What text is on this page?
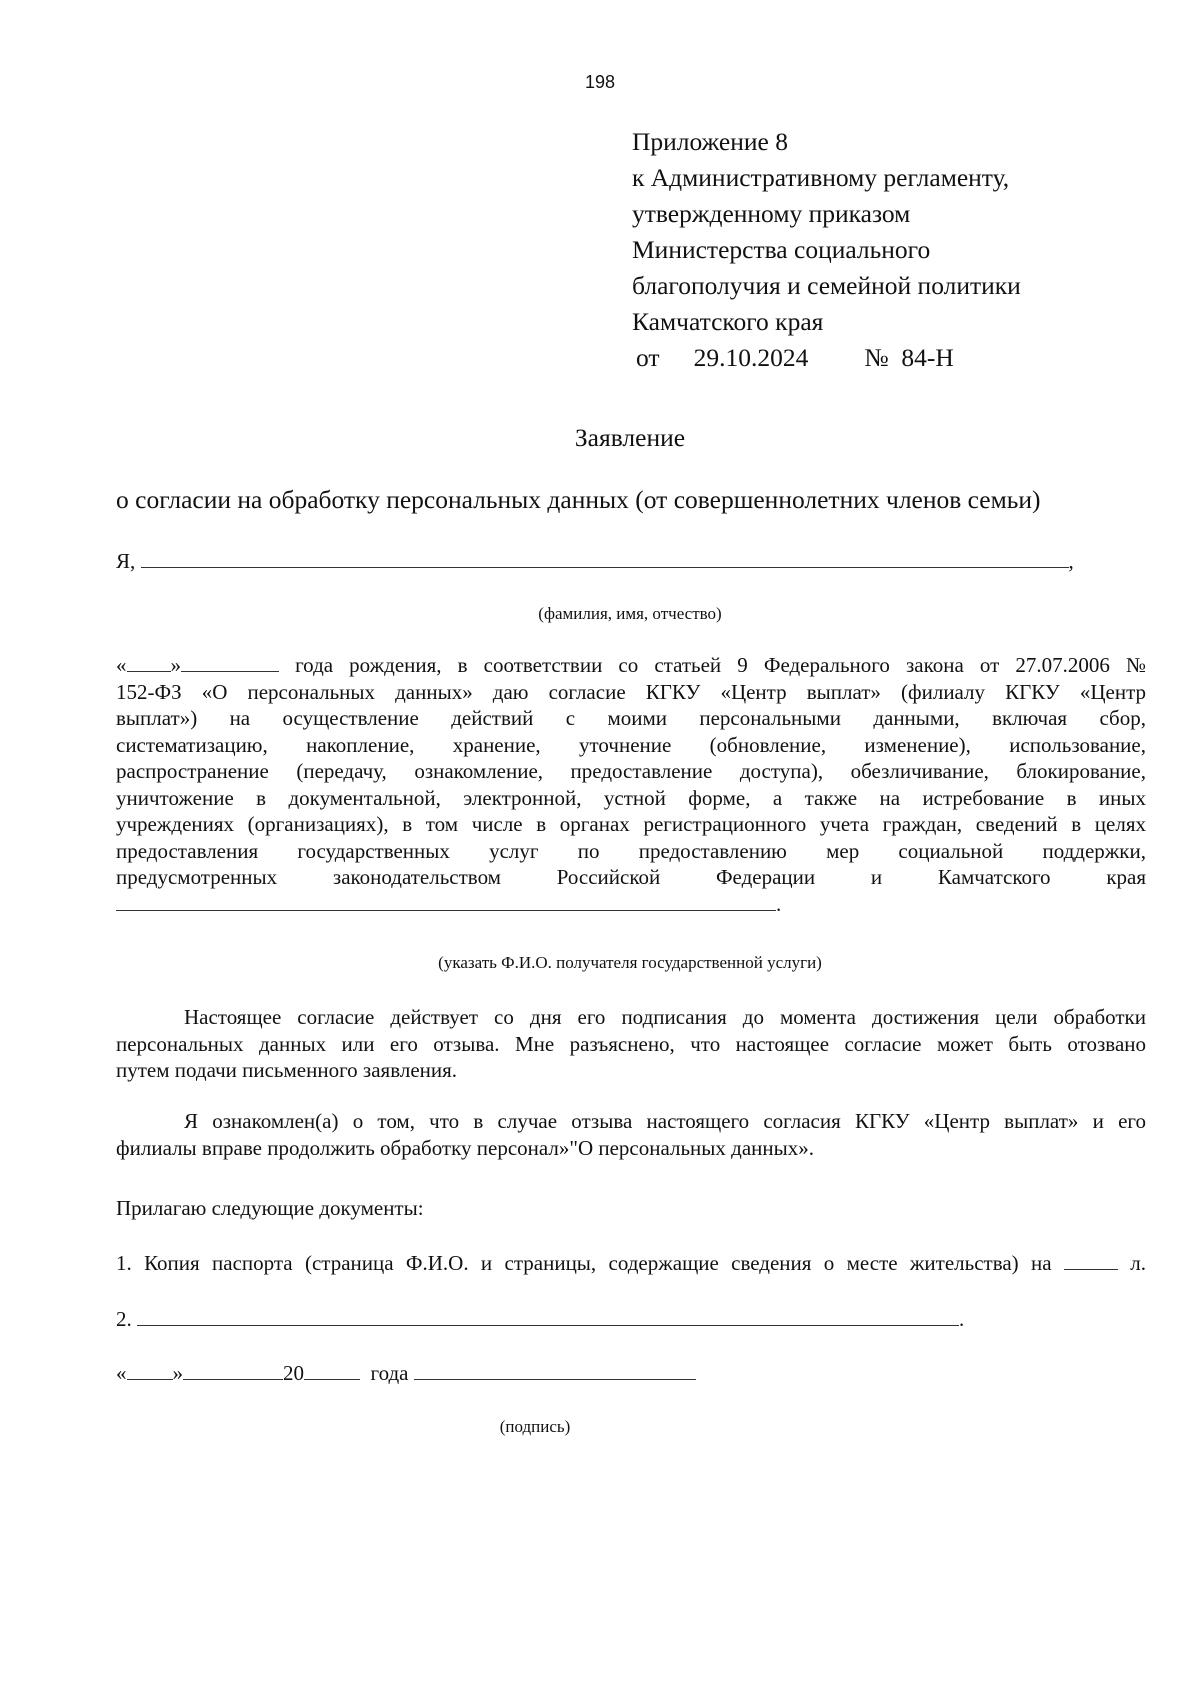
198
Приложение 8
к Административному регламенту,
утвержденному приказом
Министерства социального
благополучия и семейной политики
Камчатского края
от 29.10.2024 № 84-Н
Заявление
о согласии на обработку персональных данных (от совершеннолетних членов семьи)
Я,	,
(фамилия, имя, отчество)
« »	года рождения, в соответствии со статьей 9 Федерального закона от 27.07.2006 №
152-ФЗ «О персональных данных» даю согласие КГКУ «Центр выплат» (филиалу КГКУ «Центр
выплат») на осуществление действий с моими персональными данными, включая сбор,
систематизацию, накопление, хранение, уточнение (обновление, изменение), использование,
распространение (передачу, ознакомление, предоставление доступа), обезличивание, блокирование,
уничтожение в документальной, электронной, устной форме, а также на истребование в иных
учреждениях (организациях), в том числе в органах регистрационного учета граждан, сведений в целях
предоставления государственных услуг по предоставлению мер социальной поддержки,
предусмотренных законодательством Российской Федерации и Камчатского края
.
(указать Ф.И.О. получателя государственной услуги)
Настоящее согласие действует со дня его подписания до момента достижения цели обработки
персональных данных или его отзыва. Мне разъяснено, что настоящее согласие может быть отозвано
путем подачи письменного заявления.
Я ознакомлен(а) о том, что в случае отзыва настоящего согласия КГКУ «Центр выплат» и его
филиалы вправе продолжить обработку персонал»"О персональных данных».
Прилагаю следующие документы:
1. Копия паспорта (страница Ф.И.О. и страницы, содержащие сведения о месте жительства) на	л.
2.	.
« »	20	года
(подпись)
